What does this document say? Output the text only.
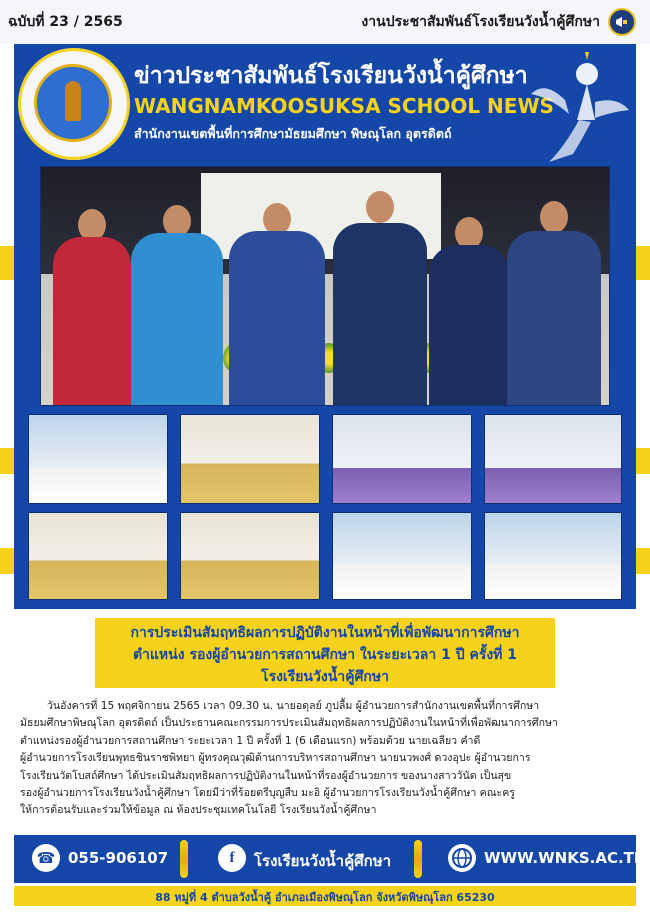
ฉบับที่ 23 / 2565	งานประชาสัมพันธ์โรงเรียนวังน้ำคู้ศึกษา
ข่าวประชาสัมพันธ์โรงเรียนวังน้ำคู้ศึกษา
WANGNAMKOOSUKSA SCHOOL NEWS
สำนักงานเขตพื้นที่การศึกษามัธยมศึกษา พิษณุโลก อุตรดิตถ์
การประเมินสัมฤทธิผลการปฏิบัติงานในหน้าที่เพื่อพัฒนาการศึกษา
ตำแหน่ง รองผู้อำนวยการสถานศึกษา ในระยะเวลา 1 ปี ครั้งที่ 1
โรงเรียนวังน้ำคู้ศึกษา

วันอังคารที่ 15 พฤศจิกายน 2565 เวลา 09.30 น. นายอดุลย์ ภูปลื้ม ผู้อำนวยการสำนักงานเขตพื้นที่การศึกษา

มัธยมศึกษาพิษณุโลก อุตรดิตถ์ เป็นประธานคณะกรรมการประเมินสัมฤทธิผลการปฏิบัติงานในหน้าที่เพื่อพัฒนาการศึกษา

ตำแหน่งรองผู้อำนวยการสถานศึกษา ระยะเวลา 1 ปี ครั้งที่ 1 (6 เดือนแรก) พร้อมด้วย นายเฉลียว คำดี

ผู้อำนวยการโรงเรียนพุทธชินราชพิทยา ผู้ทรงคุณวุฒิด้านการบริหารสถานศึกษา นายนวพงศ์ ดวงอุปะ ผู้อำนวยการ

โรงเรียนวัดโบสถ์ศึกษา ได้ประเมินสัมฤทธิผลการปฏิบัติงานในหน้าที่รองผู้อำนวยการ ของนางสาววันัด เป็นสุข

รองผู้อำนวยการโรงเรียนวังน้ำคู้ศึกษา โดยมีว่าที่ร้อยตรีบุญสืบ มะอิ ผู้อำนวยการโรงเรียนวังน้ำคู้ศึกษา คณะครู

ให้การต้อนรับและร่วมให้ข้อมูล ณ ห้องประชุมเทคโนโลยี โรงเรียนวังน้ำคู้ศึกษา

☎ 055-906107	f	โรงเรียนวังน้ำคู้ศึกษา	WWW.WNKS.AC.TH
88 หมู่ที่ 4 ตำบลวังน้ำคู้ อำเภอเมืองพิษณุโลก จังหวัดพิษณุโลก 65230
